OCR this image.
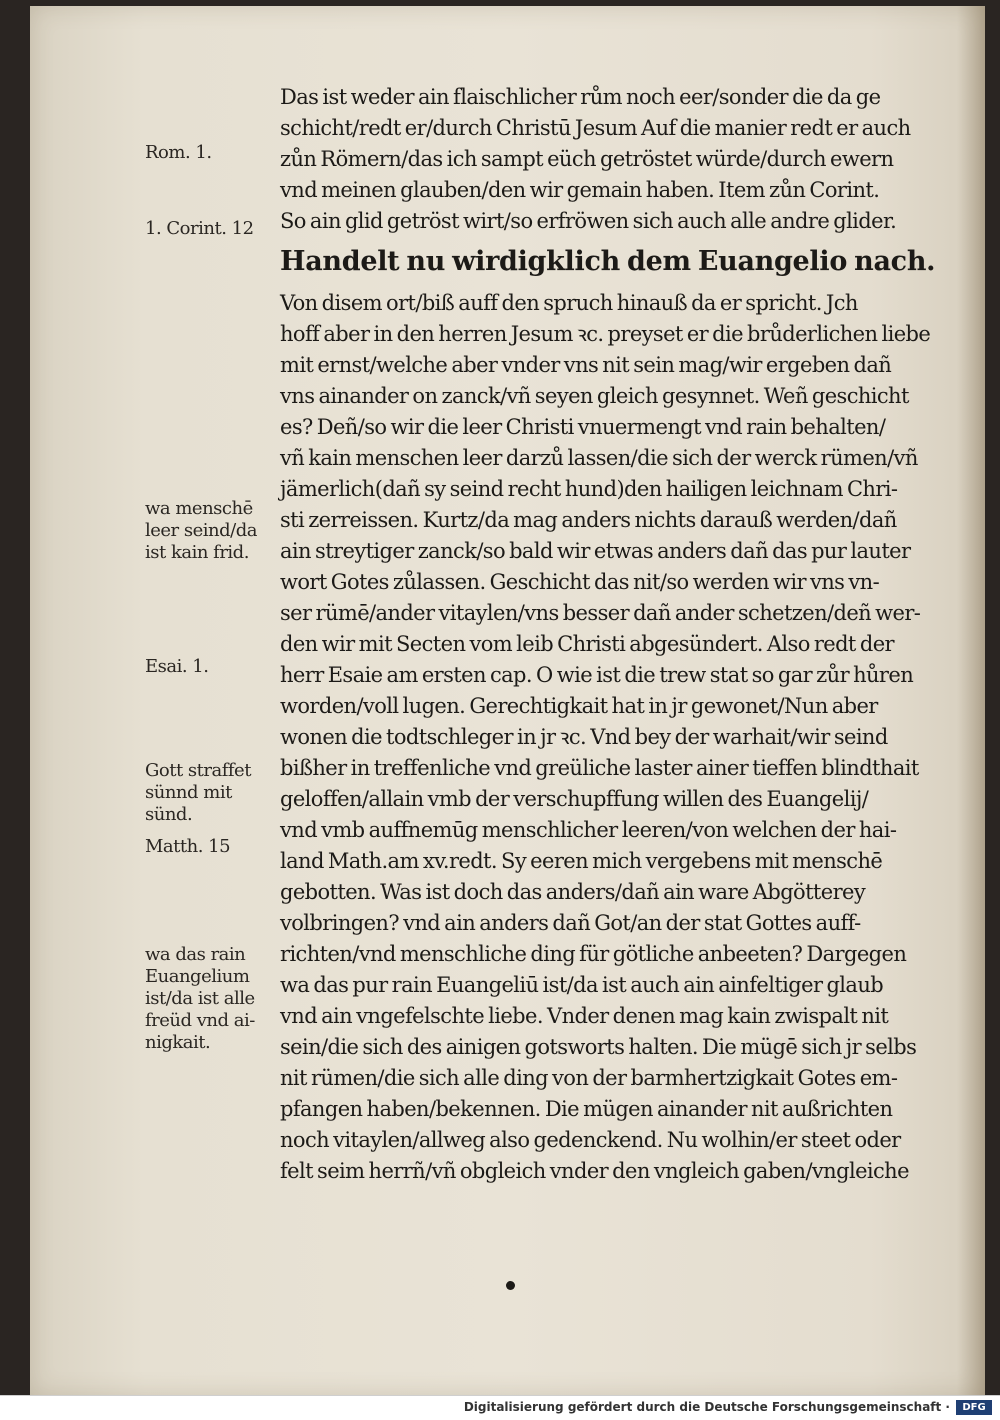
Rom. 1.
1. Corint. 12
wa menschē
leer seind/da
ist kain frid.
Esai. 1.
Gott straffet
sünnd mit
sünd.
Matth. 15
wa das rain
Euangelium
ist/da ist alle
freüd vnd ai-
nigkait.
Das ist weder ain flaischlicher rům noch eer/sonder die da ge
schicht/redt er/durch Christū Jesum Auf die manier redt er auch
zůn Römern/das ich sampt eüch getröstet würde/durch ewern
vnd meinen glauben/den wir gemain haben. Item zůn Corint.
So ain glid getröst wirt/so erfröwen sich auch alle andre glider.
Handelt nu wirdigklich dem Euangelio nach.
Von disem ort/biß auff den spruch hinauß da er spricht. Jch
hoff aber in den herren Jesum ꝛc. preyset er die brůderlichen liebe
mit ernst/welche aber vnder vns nit sein mag/wir ergeben dañ
vns ainander on zanck/vñ seyen gleich gesynnet. Weñ geschicht
es? Deñ/so wir die leer Christi vnuermengt vnd rain behalten/
vñ kain menschen leer darzů lassen/die sich der werck rümen/vñ
jämerlich(dañ sy seind recht hund)den hailigen leichnam Chri-
sti zerreissen. Kurtz/da mag anders nichts darauß werden/dañ
ain streytiger zanck/so bald wir etwas anders dañ das pur lauter
wort Gotes zůlassen. Geschicht das nit/so werden wir vns vn-
ser rümē/ander vitaylen/vns besser dañ ander schetzen/deñ wer-
den wir mit Secten vom leib Christi abgesündert. Also redt der
herr Esaie am ersten cap. O wie ist die trew stat so gar zůr hůren
worden/voll lugen. Gerechtigkait hat in jr gewonet/Nun aber
wonen die todtschleger in jr ꝛc. Vnd bey der warhait/wir seind
bißher in treffenliche vnd greüliche laster ainer tieffen blindthait
geloffen/allain vmb der verschupffung willen des Euangelij/
vnd vmb auffnemūg menschlicher leeren/von welchen der hai-
land Math.am xv.redt. Sy eeren mich vergebens mit menschē
gebotten. Was ist doch das anders/dañ ain ware Abgötterey
volbringen? vnd ain anders dañ Got/an der stat Gottes auff-
richten/vnd menschliche ding für götliche anbeeten? Dargegen
wa das pur rain Euangeliū ist/da ist auch ain ainfeltiger glaub
vnd ain vngefelschte liebe. Vnder denen mag kain zwispalt nit
sein/die sich des ainigen gotsworts halten. Die mügē sich jr selbs
nit rümen/die sich alle ding von der barmhertzigkait Gotes em-
pfangen haben/bekennen. Die mügen ainander nit außrichten
noch vitaylen/allweg also gedenckend. Nu wolhin/er steet oder
felt seim herrñ/vñ obgleich vnder den vngleich gaben/vngleiche
Digitalisierung gefördert durch die Deutsche Forschungsgemeinschaft ·	DFG
